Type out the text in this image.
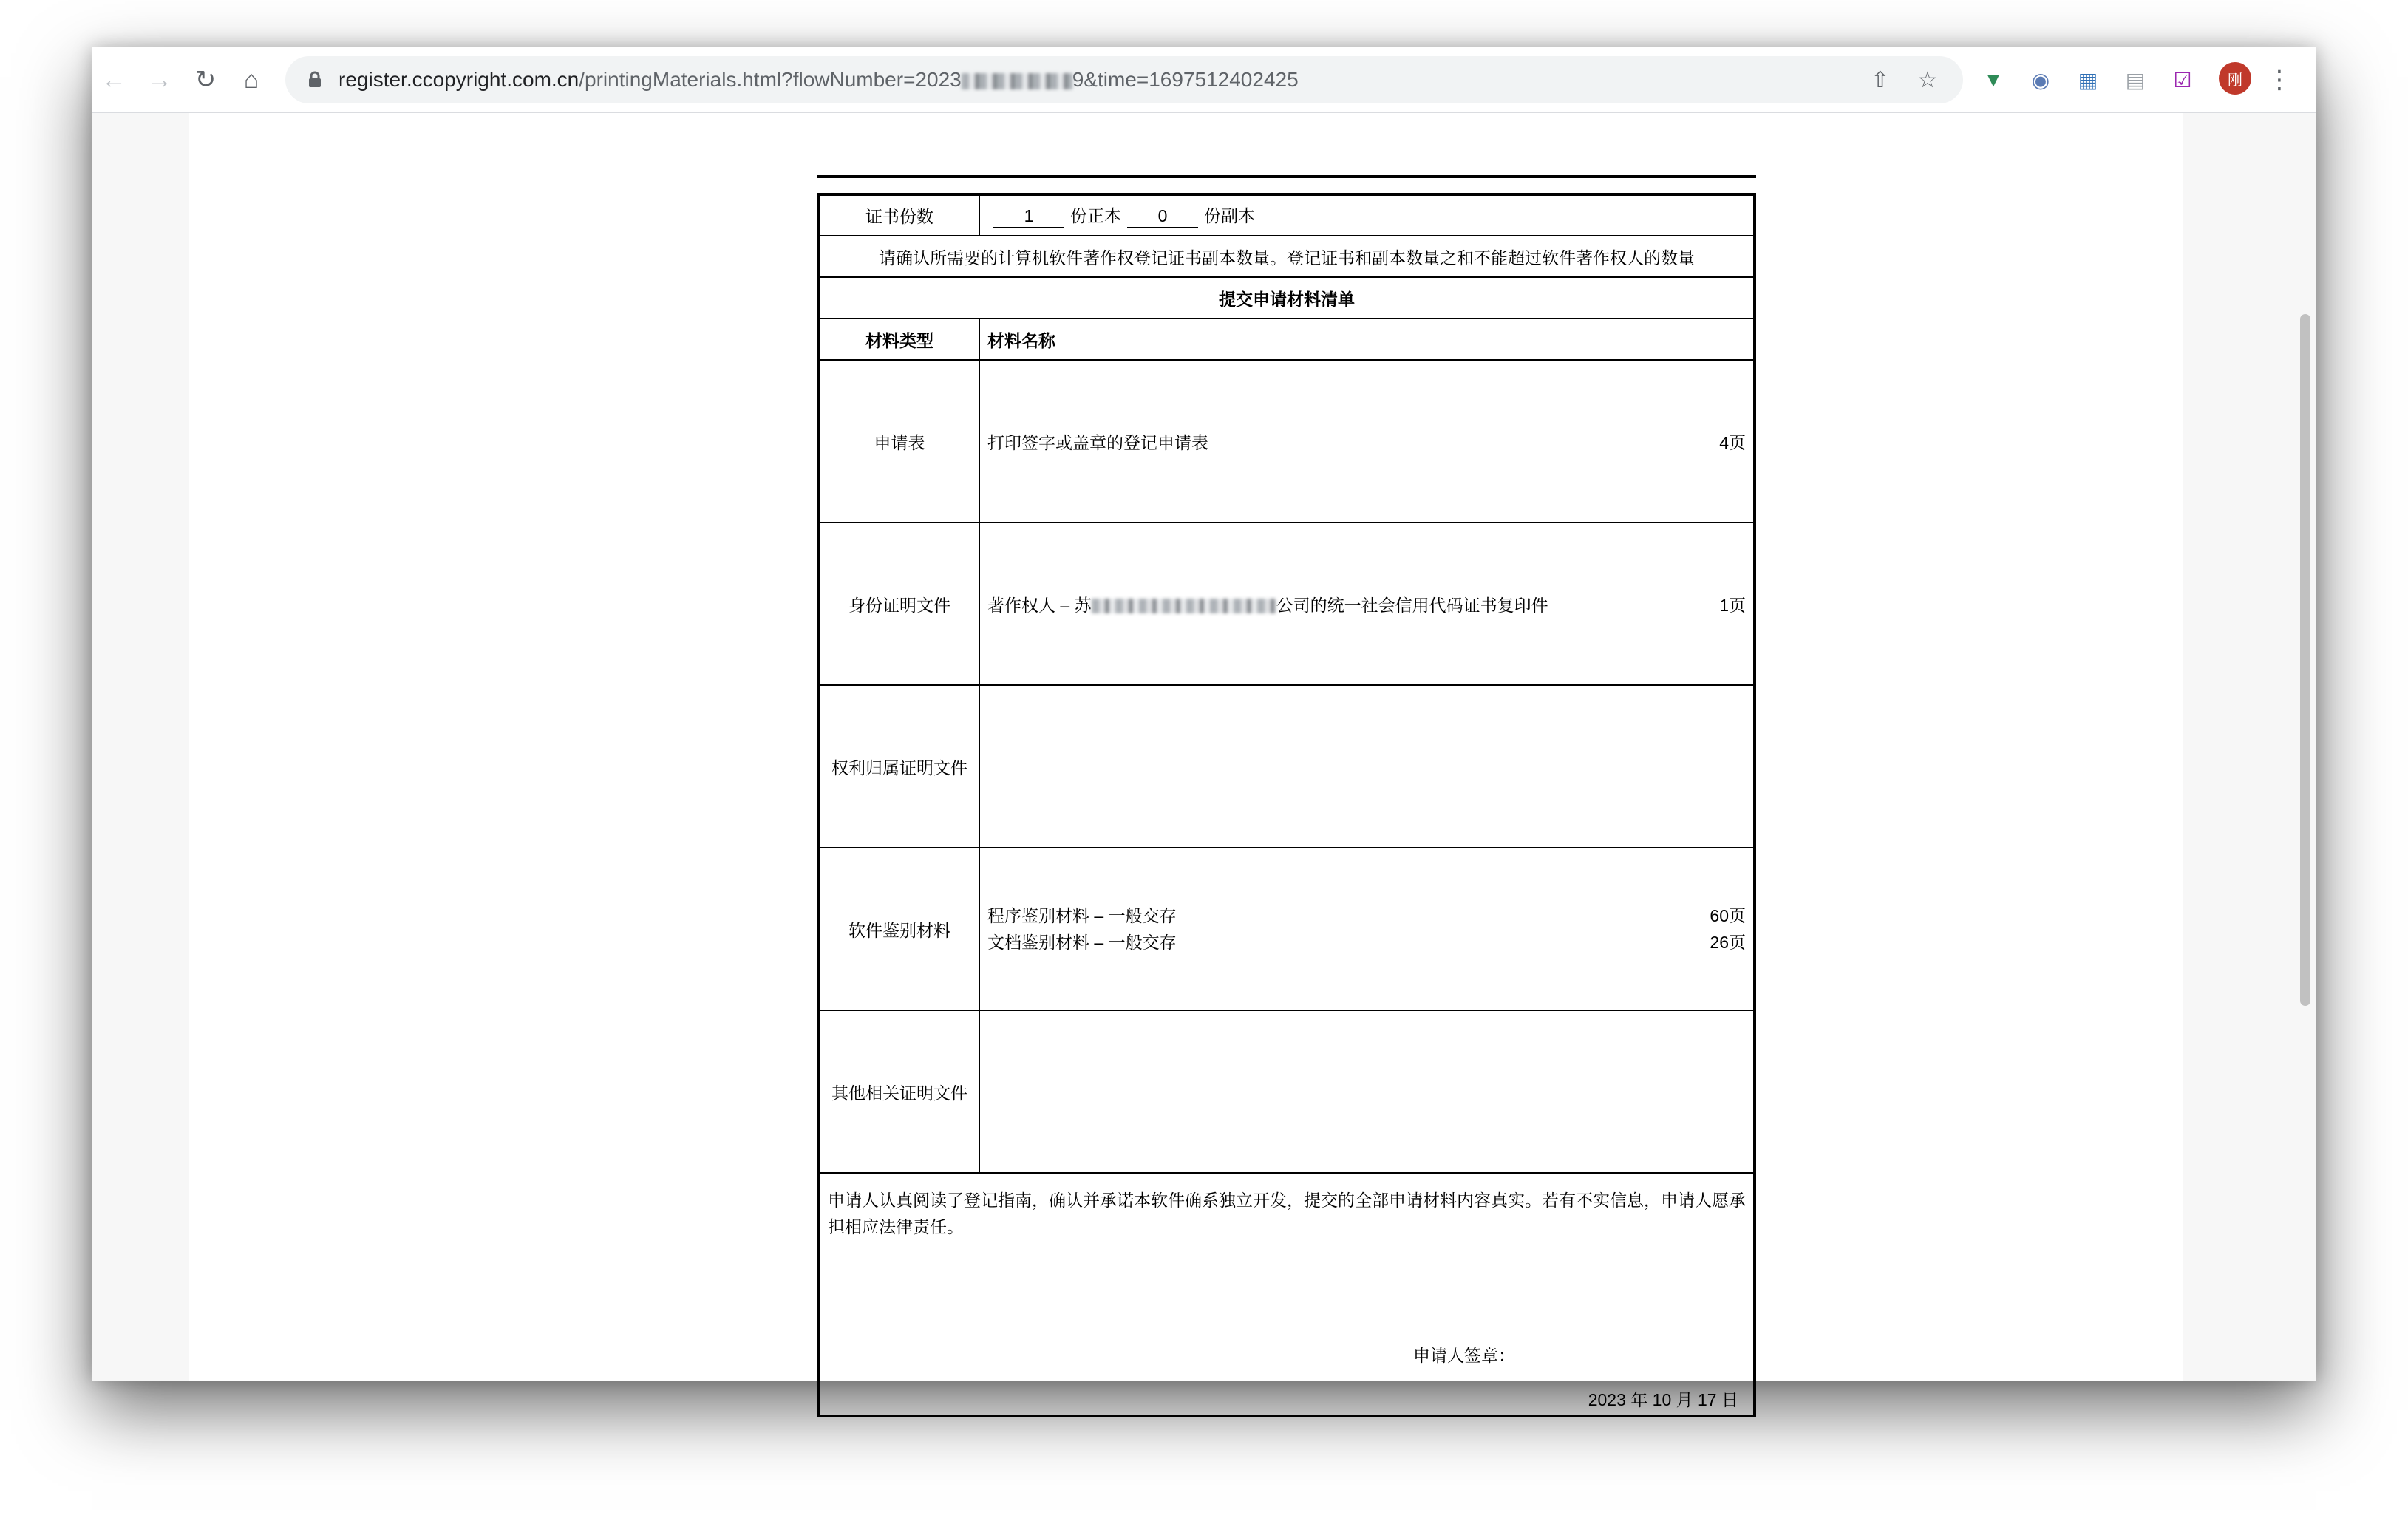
← → ↻	⌂	register.ccopyright.com.cn/printingMaterials.html?flowNumber=2023	9&time=1697512402425	⇧ ☆ ▼ ◉ ▦ ▤ ☑	刚 ⋮
证书份数	1 份正本 0 份副本
请确认所需要的计算机软件著作权登记证书副本数量。登记证书和副本数量之和不能超过软件著作权人的数量	
提交申请材料清单	
材料类型	材料名称
申请表	打印签字或盖章的登记申请表 4页

身份证明文件	著作权人 – 苏 公司的统一社会信用代码证书复印件 1页

权利归属证明文件	
软件鉴别材料	程序鉴别材料 – 一般交存 60页
文档鉴别材料 – 一般交存 26页

其他相关证明文件	

申请人认真阅读了登记指南，确认并承诺本软件确系独立开发，提交的全部申请材料内容真实。若有不实信息，申请人愿承担相应法律责任。
申请人签章：
2023 年 10 月 17 日	
